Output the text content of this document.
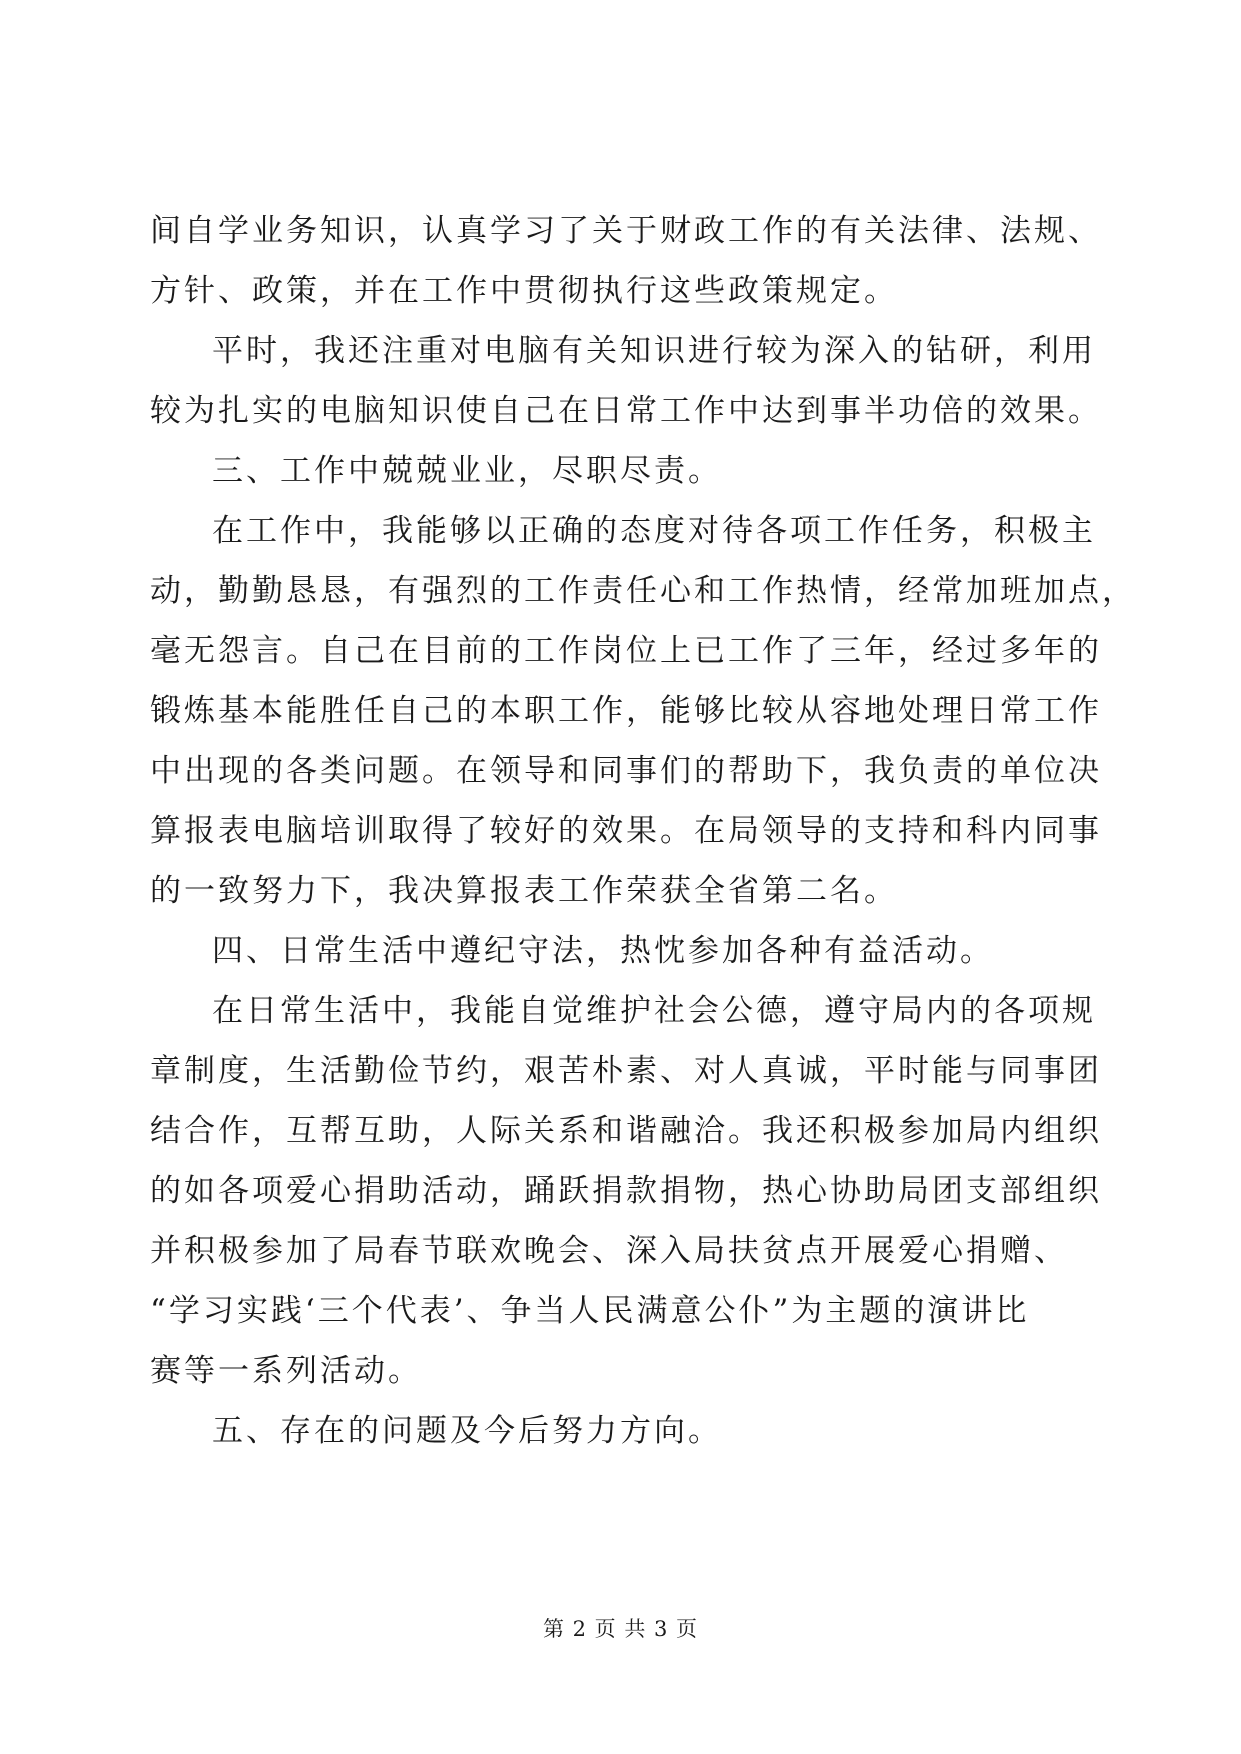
间自学业务知识，认真学习了关于财政工作的有关法律、法规、
方针、政策，并在工作中贯彻执行这些政策规定。
平时，我还注重对电脑有关知识进行较为深入的钻研，利用
较为扎实的电脑知识使自己在日常工作中达到事半功倍的效果。
三、工作中兢兢业业，尽职尽责。
在工作中，我能够以正确的态度对待各项工作任务，积极主
动，勤勤恳恳，有强烈的工作责任心和工作热情，经常加班加点，
毫无怨言。自己在目前的工作岗位上已工作了三年，经过多年的
锻炼基本能胜任自己的本职工作，能够比较从容地处理日常工作
中出现的各类问题。在领导和同事们的帮助下，我负责的单位决
算报表电脑培训取得了较好的效果。在局领导的支持和科内同事
的一致努力下，我决算报表工作荣获全省第二名。
四、日常生活中遵纪守法，热忱参加各种有益活动。
在日常生活中，我能自觉维护社会公德，遵守局内的各项规
章制度，生活勤俭节约，艰苦朴素、对人真诚，平时能与同事团
结合作，互帮互助，人际关系和谐融洽。我还积极参加局内组织
的如各项爱心捐助活动，踊跃捐款捐物，热心协助局团支部组织
并积极参加了局春节联欢晚会、深入局扶贫点开展爱心捐赠、
“学习实践‘三个代表’、争当人民满意公仆”为主题的演讲比
赛等一系列活动。
五、存在的问题及今后努力方向。
第 2 页 共 3 页
